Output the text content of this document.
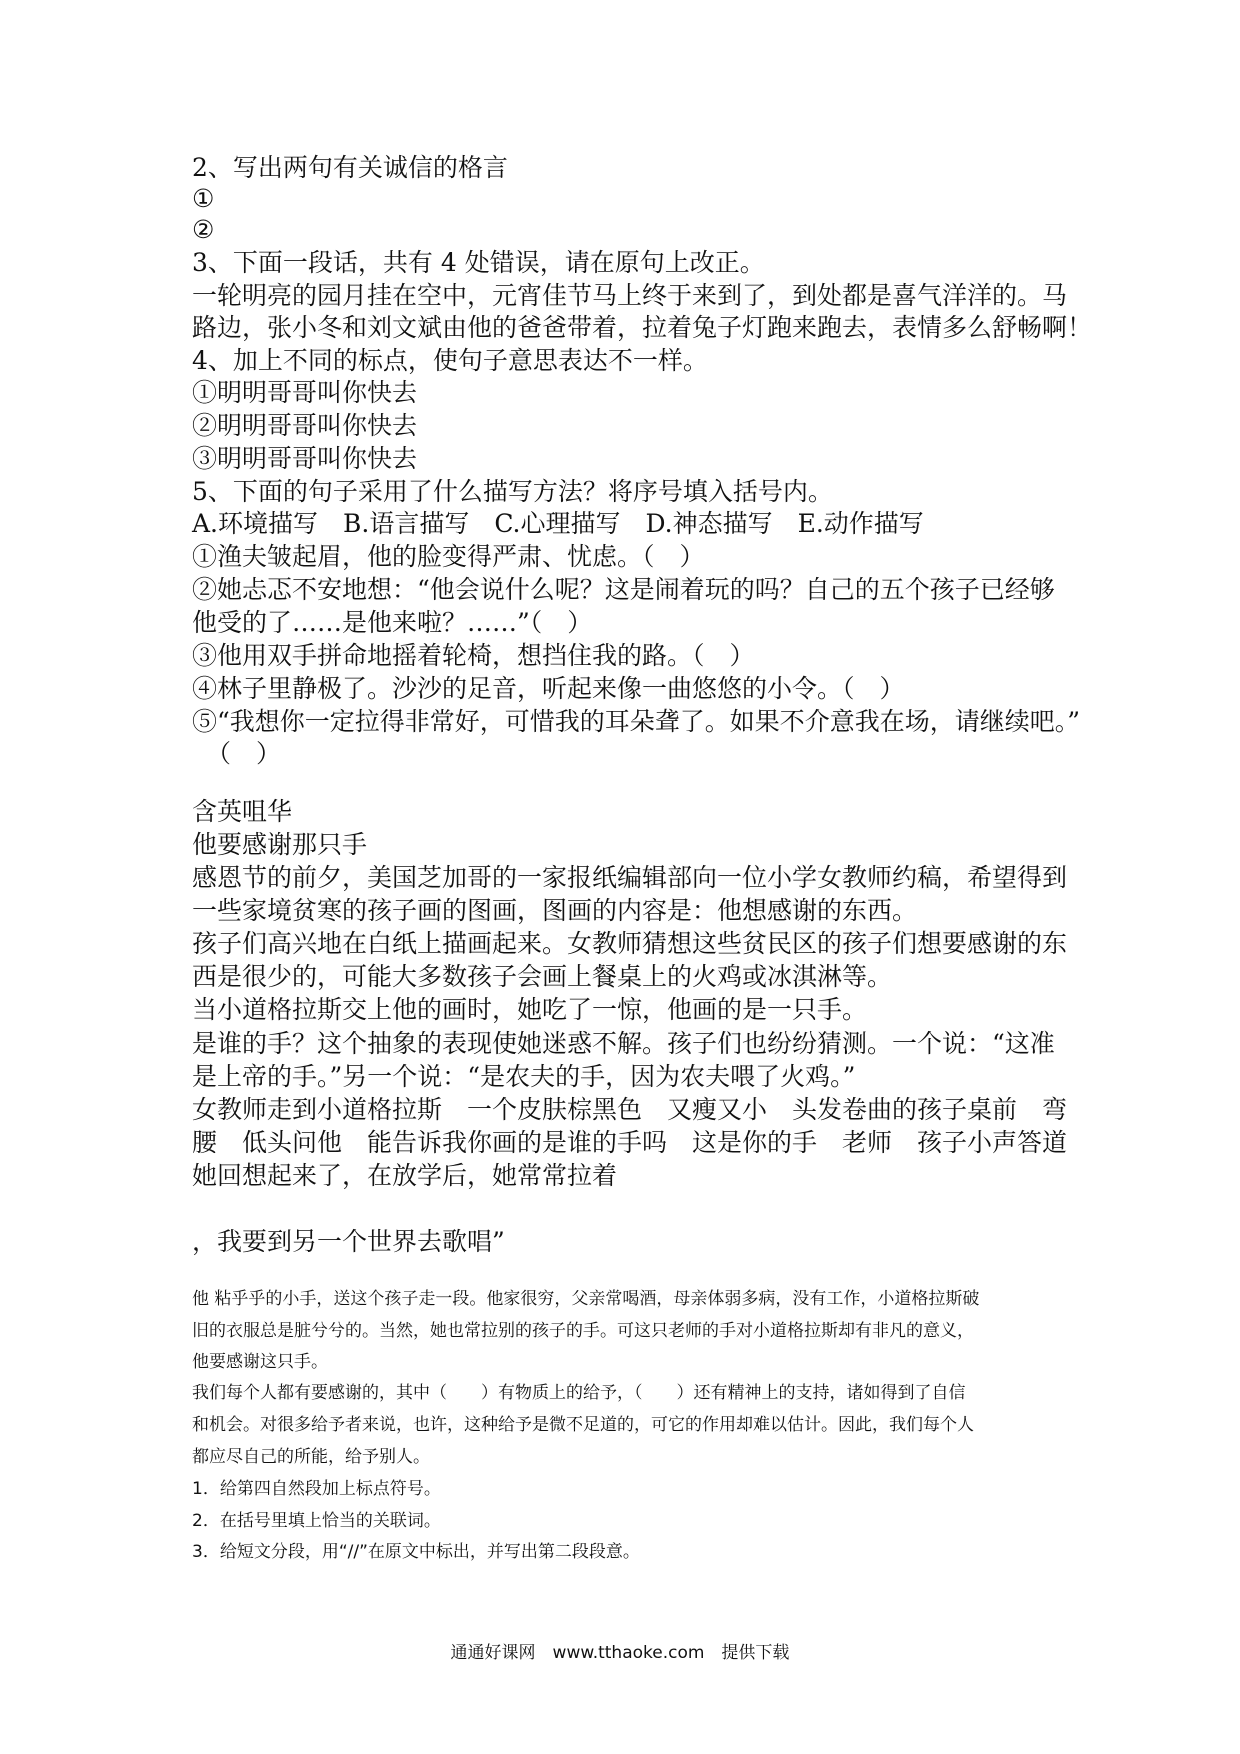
2、写出两句有关诚信的格言
①
②
3、下面一段话，共有 4 处错误，请在原句上改正。
一轮明亮的园月挂在空中，元宵佳节马上终于来到了，到处都是喜气洋洋的。马
路边，张小冬和刘文斌由他的爸爸带着，拉着兔子灯跑来跑去，表情多么舒畅啊！
4、加上不同的标点，使句子意思表达不一样。
①明明哥哥叫你快去
②明明哥哥叫你快去
③明明哥哥叫你快去
5、下面的句子采用了什么描写方法？将序号填入括号内。
A.环境描写　B.语言描写　C.心理描写　D.神态描写　E.动作描写
①渔夫皱起眉，他的脸变得严肃、忧虑。（　）
②她忐忑不安地想：“他会说什么呢？这是闹着玩的吗？自己的五个孩子已经够
他受的了……是他来啦？……”（　）
③他用双手拼命地摇着轮椅，想挡住我的路。（　）
④林子里静极了。沙沙的足音，听起来像一曲悠悠的小令。（　）
⑤“我想你一定拉得非常好，可惜我的耳朵聋了。如果不介意我在场，请继续吧。”
（　）
含英咀华
他要感谢那只手
感恩节的前夕，美国芝加哥的一家报纸编辑部向一位小学女教师约稿，希望得到
一些家境贫寒的孩子画的图画，图画的内容是：他想感谢的东西。
孩子们高兴地在白纸上描画起来。女教师猜想这些贫民区的孩子们想要感谢的东
西是很少的，可能大多数孩子会画上餐桌上的火鸡或冰淇淋等。
当小道格拉斯交上他的画时，她吃了一惊，他画的是一只手。
是谁的手？这个抽象的表现使她迷惑不解。孩子们也纷纷猜测。一个说：“这准
是上帝的手。”另一个说：“是农夫的手，因为农夫喂了火鸡。”
女教师走到小道格拉斯　一个皮肤棕黑色　又瘦又小　头发卷曲的孩子桌前　弯
腰　低头问他　能告诉我你画的是谁的手吗　这是你的手　老师　孩子小声答道
她回想起来了，在放学后，她常常拉着
，我要到另一个世界去歌唱”
他 粘乎乎的小手，送这个孩子走一段。他家很穷，父亲常喝酒，母亲体弱多病，没有工作，小道格拉斯破
旧的衣服总是脏兮兮的。当然，她也常拉别的孩子的手。可这只老师的手对小道格拉斯却有非凡的意义，
他要感谢这只手。
我们每个人都有要感谢的，其中（　　）有物质上的给予，（　　）还有精神上的支持，诸如得到了自信
和机会。对很多给予者来说，也许，这种给予是微不足道的，可它的作用却难以估计。因此，我们每个人
都应尽自己的所能，给予别人。
1．给第四自然段加上标点符号。
2．在括号里填上恰当的关联词。
3．给短文分段，用“//”在原文中标出，并写出第二段段意。
通通好课网　www.tthaoke.com　提供下载
